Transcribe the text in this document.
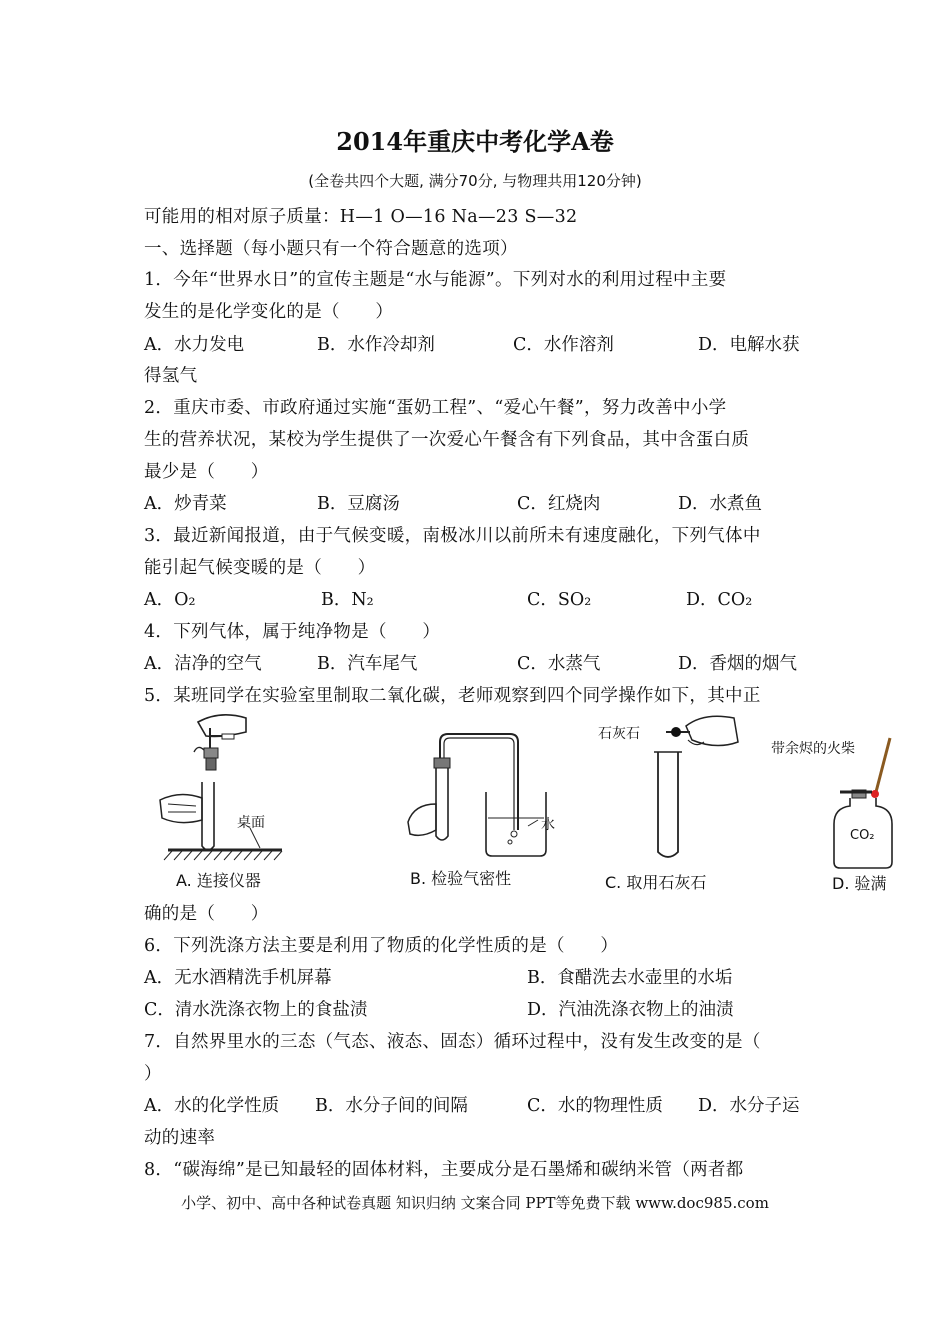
2014年重庆中考化学A卷
(全卷共四个大题, 满分70分, 与物理共用120分钟)
可能用的相对原子质量：H—1 O—16 Na—23 S—32
一、选择题（每小题只有一个符合题意的选项）
1．今年“世界水日”的宣传主题是“水与能源”。下列对水的利用过程中主要
发生的是化学变化的是（　　）
A．水力发电	B．水作冷却剂	C．水作溶剂	D．电解水获
得氢气
2．重庆市委、市政府通过实施“蛋奶工程”、“爱心午餐”，努力改善中小学
生的营养状况，某校为学生提供了一次爱心午餐含有下列食品，其中含蛋白质
最少是（　　）
A．炒青菜	B．豆腐汤	C．红烧肉	D．水煮鱼
3．最近新闻报道，由于气候变暖，南极冰川以前所未有速度融化，下列气体中
能引起气候变暖的是（　　）
A．O₂	B．N₂	C．SO₂	D．CO₂
4．下列气体，属于纯净物是（　　）
A．洁净的空气	B．汽车尾气	C．水蒸气	D．香烟的烟气
5．某班同学在实验室里制取二氧化碳，老师观察到四个同学操作如下，其中正
桌面
A. 连接仪器
水
B. 检验气密性
石灰石
C. 取用石灰石
带余烬的火柴
CO₂
D. 验满
确的是（　　）
6．下列洗涤方法主要是利用了物质的化学性质的是（　　）
A．无水酒精洗手机屏幕	B．食醋洗去水壶里的水垢
C．清水洗涤衣物上的食盐渍	D．汽油洗涤衣物上的油渍
7．自然界里水的三态（气态、液态、固态）循环过程中，没有发生改变的是（
）
A．水的化学性质 B．水分子间的间隔	C．水的物理性质 D．水分子运
动的速率
8．“碳海绵”是已知最轻的固体材料，主要成分是石墨烯和碳纳米管（两者都
小学、初中、高中各种试卷真题 知识归纳 文案合同 PPT等免费下载 www.doc985.com
